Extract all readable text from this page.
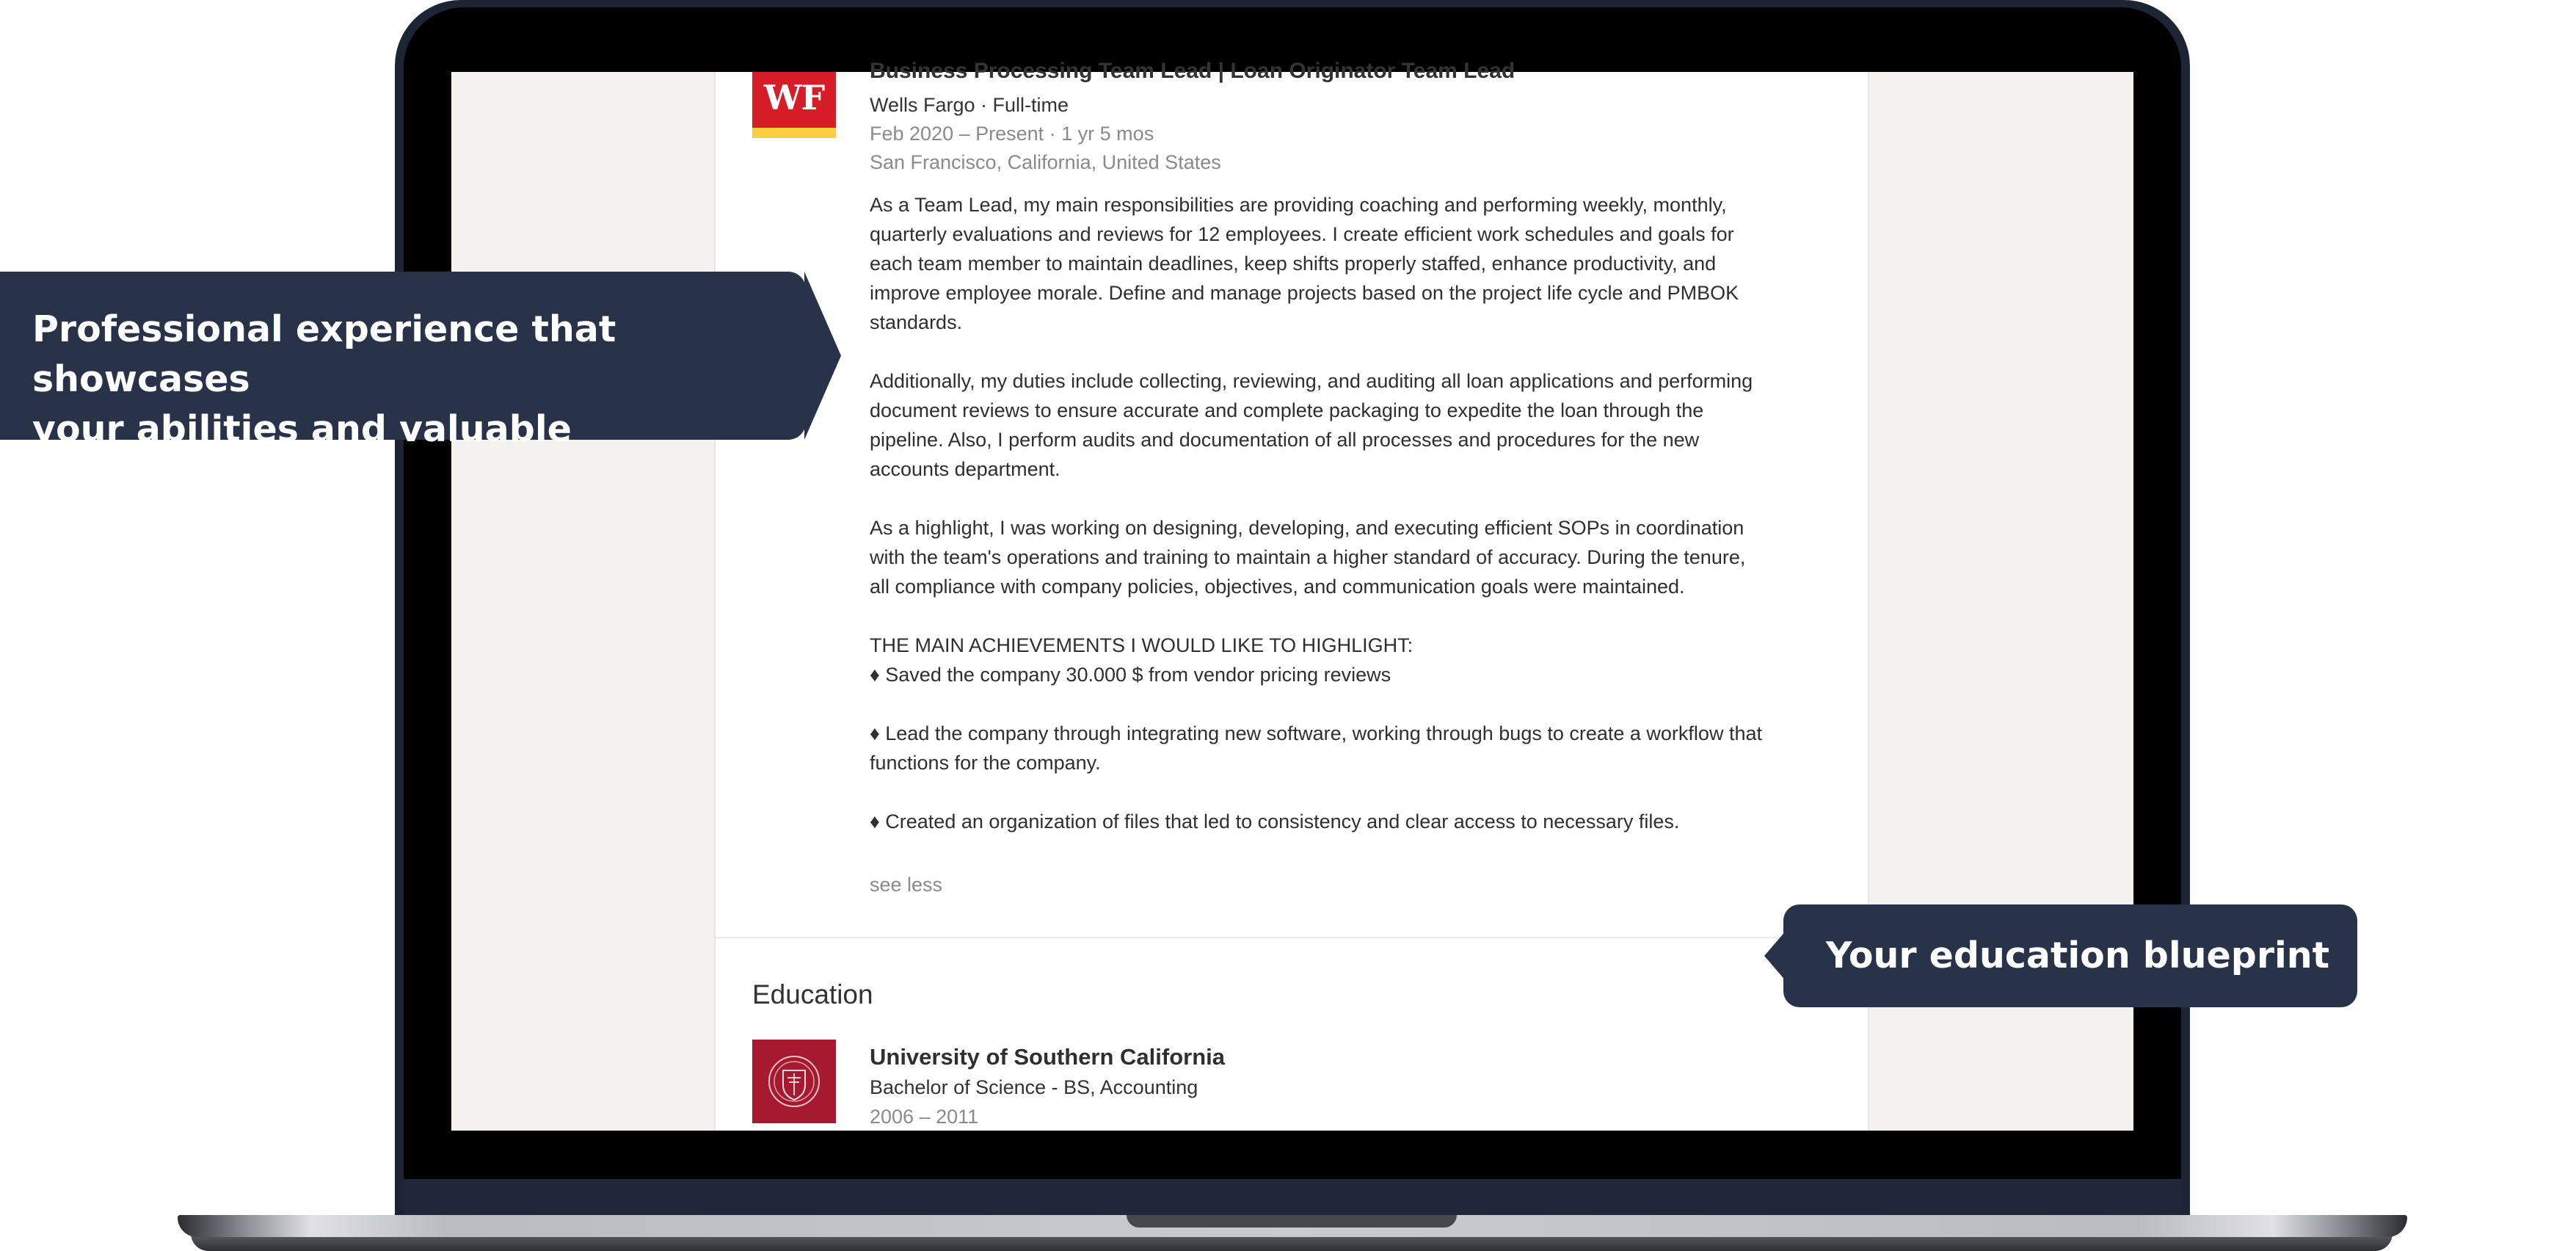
WF
Business Processing Team Lead | Loan Originator Team Lead
Wells Fargo · Full-time
Feb 2020 – Present · 1 yr 5 mos
San Francisco, California, United States

As a Team Lead, my main responsibilities are providing coaching and performing weekly, monthly, quarterly evaluations and reviews for 12 employees. I create efficient work schedules and goals for each team member to maintain deadlines, keep shifts properly staffed, enhance productivity, and improve employee morale. Define and manage projects based on the project life cycle and PMBOK standards.

Additionally, my duties include collecting, reviewing, and auditing all loan applications and performing document reviews to ensure accurate and complete packaging to expedite the loan through the pipeline. Also, I perform audits and documentation of all processes and procedures for the new accounts department.

As a highlight, I was working on designing, developing, and executing efficient SOPs in coordination with the team's operations and training to maintain a higher standard of accuracy. During the tenure, all compliance with company policies, objectives, and communication goals were maintained.

THE MAIN ACHIEVEMENTS I WOULD LIKE TO HIGHLIGHT:

♦ Saved the company 30.000 $ from vendor pricing reviews

♦ Lead the company through integrating new software, working through bugs to create a workflow that functions for the company.

♦ Created an organization of files that led to consistency and clear access to necessary files.

see less
Education
University of Southern California
Bachelor of Science - BS, Accounting
2006 – 2011
Professional experience that showcases
your abilities and valuable achievements
Your education blueprint
